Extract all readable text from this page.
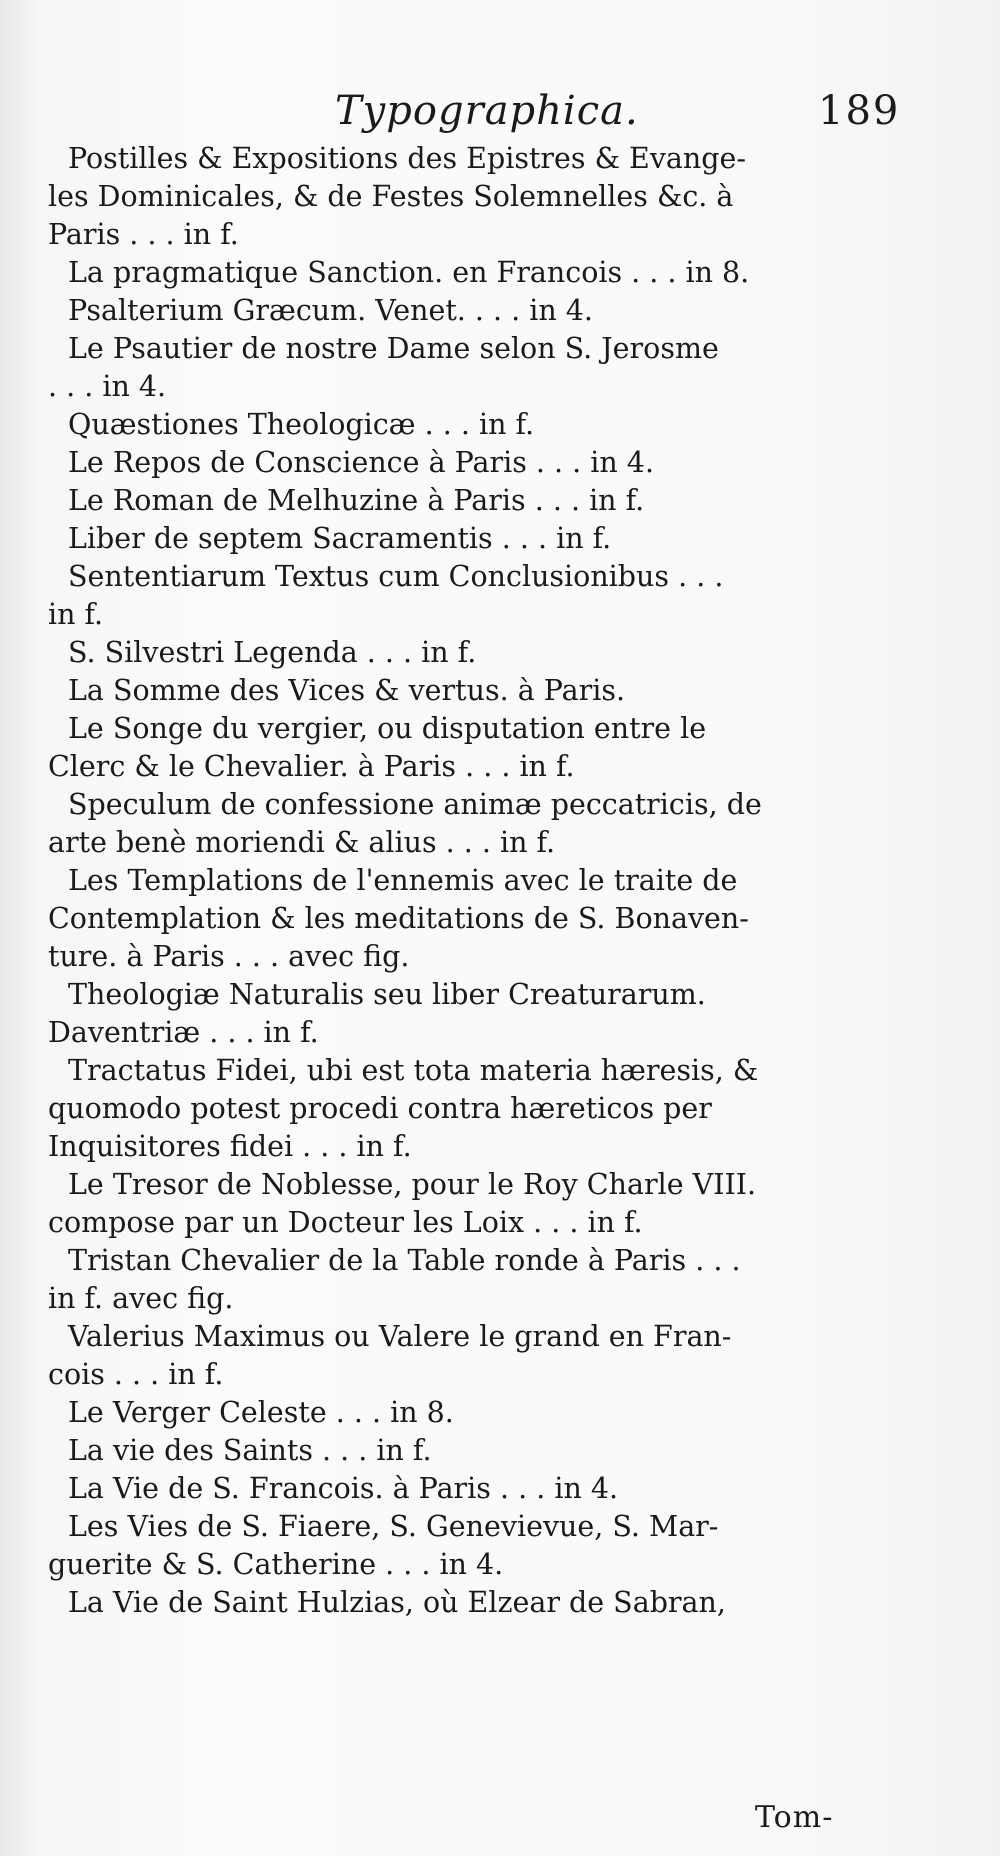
Typographica.	189
Postilles & Expositions des Epistres & Evange-
les Dominicales, & de Festes Solemnelles &c. à
Paris . . . in f.
La pragmatique Sanction. en Francois . . . in 8.
Psalterium Græcum. Venet. . . . in 4.
Le Psautier de nostre Dame selon S. Jerosme
. . . in 4.
Quæstiones Theologicæ . . . in f.
Le Repos de Conscience à Paris . . . in 4.
Le Roman de Melhuzine à Paris . . . in f.
Liber de septem Sacramentis . . . in f.
Sententiarum Textus cum Conclusionibus . . .
in f.
S. Silvestri Legenda . . . in f.
La Somme des Vices & vertus. à Paris.
Le Songe du vergier, ou disputation entre le
Clerc & le Chevalier. à Paris . . . in f.
Speculum de confessione animæ peccatricis, de
arte benè moriendi & alius . . . in f.
Les Templations de l'ennemis avec le traite de
Contemplation & les meditations de S. Bonaven-
ture. à Paris . . . avec fig.
Theologiæ Naturalis seu liber Creaturarum.
Daventriæ . . . in f.
Tractatus Fidei, ubi est tota materia hæresis, &
quomodo potest procedi contra hæreticos per
Inquisitores fidei . . . in f.
Le Tresor de Noblesse, pour le Roy Charle VIII.
compose par un Docteur les Loix . . . in f.
Tristan Chevalier de la Table ronde à Paris . . .
in f. avec fig.
Valerius Maximus ou Valere le grand en Fran-
cois . . . in f.
Le Verger Celeste . . . in 8.
La vie des Saints . . . in f.
La Vie de S. Francois. à Paris . . . in 4.
Les Vies de S. Fiaere, S. Genevievue, S. Mar-
guerite & S. Catherine . . . in 4.
La Vie de Saint Hulzias, où Elzear de Sabran,
Tom-
